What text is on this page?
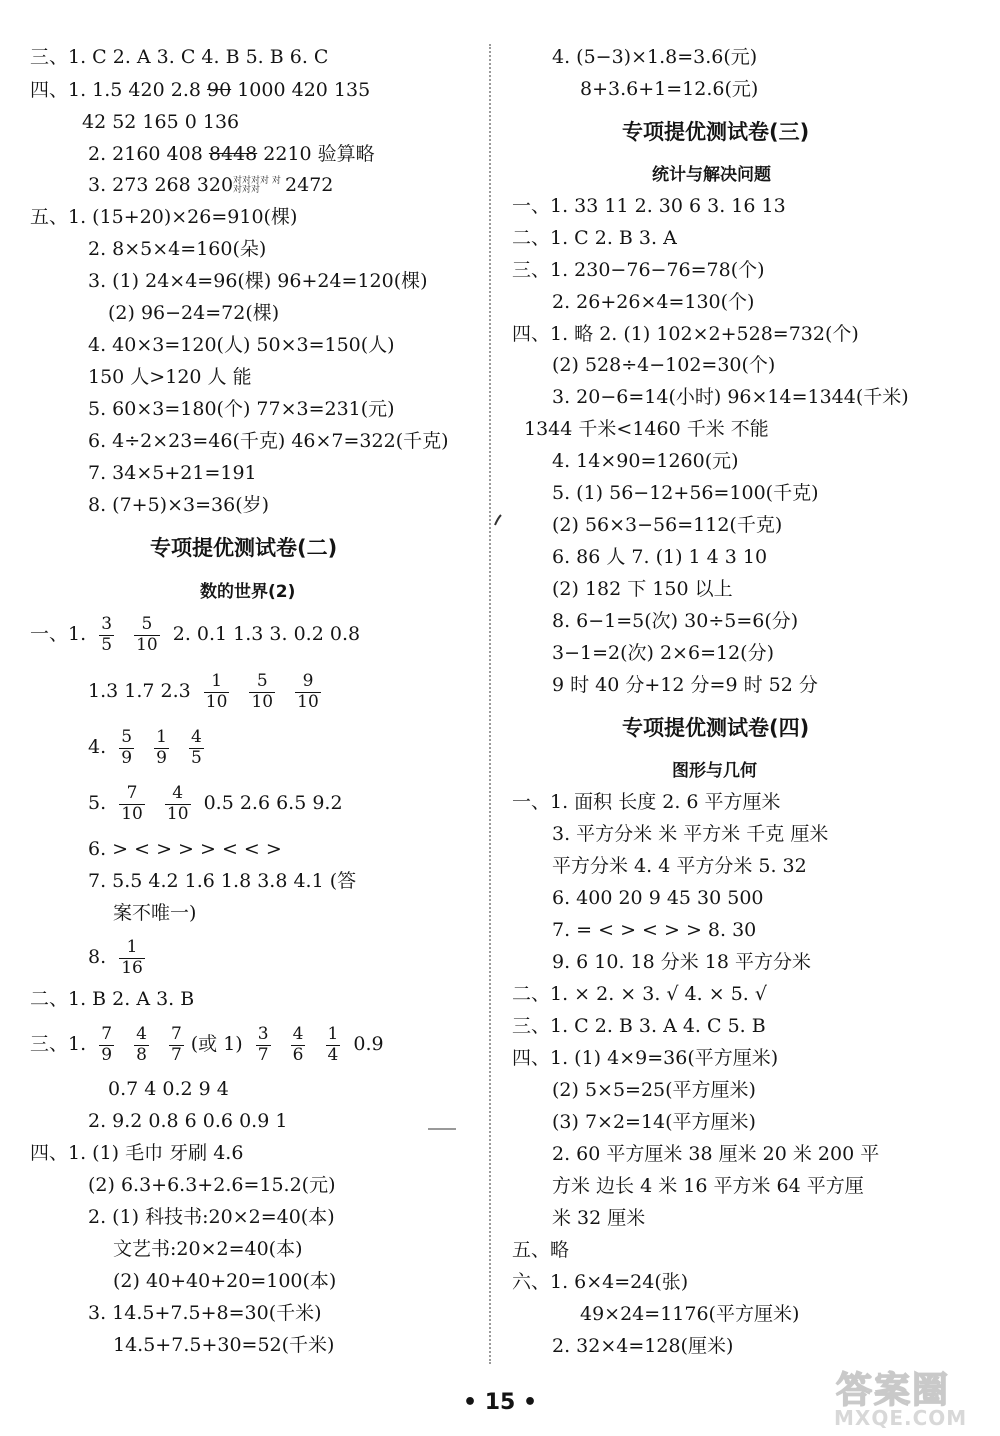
三、1. C 2. A 3. C 4. B 5. B 6. C
四、1. 1.5 420 2.8 90 1000 420 135
42 52 165 0 136
2. 2160 408 8448 2210 验算略
3. 273 268 320对对对对 对对对对 2472
五、1. (15+20)×26=910(棵)
2. 8×5×4=160(朵)
3. (1) 24×4=96(棵) 96+24=120(棵)
(2) 96−24=72(棵)
4. 40×3=120(人) 50×3=150(人)
150 人>120 人 能
5. 60×3=180(个) 77×3=231(元)
6. 4÷2×23=46(千克) 46×7=322(千克)
7. 34×5+21=191
8. (7+5)×3=36(岁)
专项提优测试卷(二)
数的世界(2)
一、1. $\frac{3}{5}$
$\frac{5}{10} 2$. 0.1 1.3 3. 0.2 0.8
1.3 1.7 $2.3 \frac{1}{10}$
$\frac{5}{10}$
$\frac{9}{10}$
4. $\frac{5}{9}$
$\frac{1}{9}$
$\frac{4}{5}$
5. $\frac{7}{10}$
$\frac{4}{10} 0.5$ 2.6 6.5 9.2
6. > < > > > < < >
7. 5.5 4.2 1.6 1.8 3.8 4.1 (答
案不唯一)
8. $\frac{1}{16}$
二、1. B 2. A 3. B
三、1. $\frac{7}{9}$
$\frac{4}{8}$
$\frac{7}{7}$ (或 $1) \frac{3}{7}$
$\frac{4}{6}$
$\frac{1}{4} 0.9$
0.7 4 0.2 9 4
2. 9.2 0.8 6 0.6 0.9 1
四、1. (1) 毛巾 牙刷 4.6
(2) 6.3+6.3+2.6=15.2(元)
2. (1) 科技书:20×2=40(本)
文艺书:20×2=40(本)
(2) 40+40+20=100(本)
3. 14.5+7.5+8=30(千米)
14.5+7.5+30=52(千米)
4. (5−3)×1.8=3.6(元)
8+3.6+1=12.6(元)
专项提优测试卷(三)
统计与解决问题
一、1. 33 11 2. 30 6 3. 16 13
二、1. C 2. B 3. A
三、1. 230−76−76=78(个)
2. 26+26×4=130(个)
四、1. 略 2. (1) 102×2+528=732(个)
(2) 528÷4−102=30(个)
3. 20−6=14(小时) 96×14=1344(千米)
1344 千米<1460 千米 不能
4. 14×90=1260(元)
5. (1) 56−12+56=100(千克)
(2) 56×3−56=112(千克)
6. 86 人 7. (1) 1 4 3 10
(2) 182 下 150 以上
8. 6−1=5(次) 30÷5=6(分)
3−1=2(次) 2×6=12(分)
9 时 40 分+12 分=9 时 52 分
专项提优测试卷(四)
图形与几何
一、1. 面积 长度 2. 6 平方厘米
3. 平方分米 米 平方米 千克 厘米
平方分米 4. 4 平方分米 5. 32
6. 400 20 9 45 30 500
7. = < > < > > 8. 30
9. 6 10. 18 分米 18 平方分米
二、1. × 2. × 3. √ 4. × 5. √
三、1. C 2. B 3. A 4. C 5. B
四、1. (1) 4×9=36(平方厘米)
(2) 5×5=25(平方厘米)
(3) 7×2=14(平方厘米)
2. 60 平方厘米 38 厘米 20 米 200 平
方米 边长 4 米 16 平方米 64 平方厘
米 32 厘米
五、略
六、1. 6×4=24(张)
49×24=1176(平方厘米)
2. 32×4=128(厘米)
• 15 •	答案圈
MXQE.COM
